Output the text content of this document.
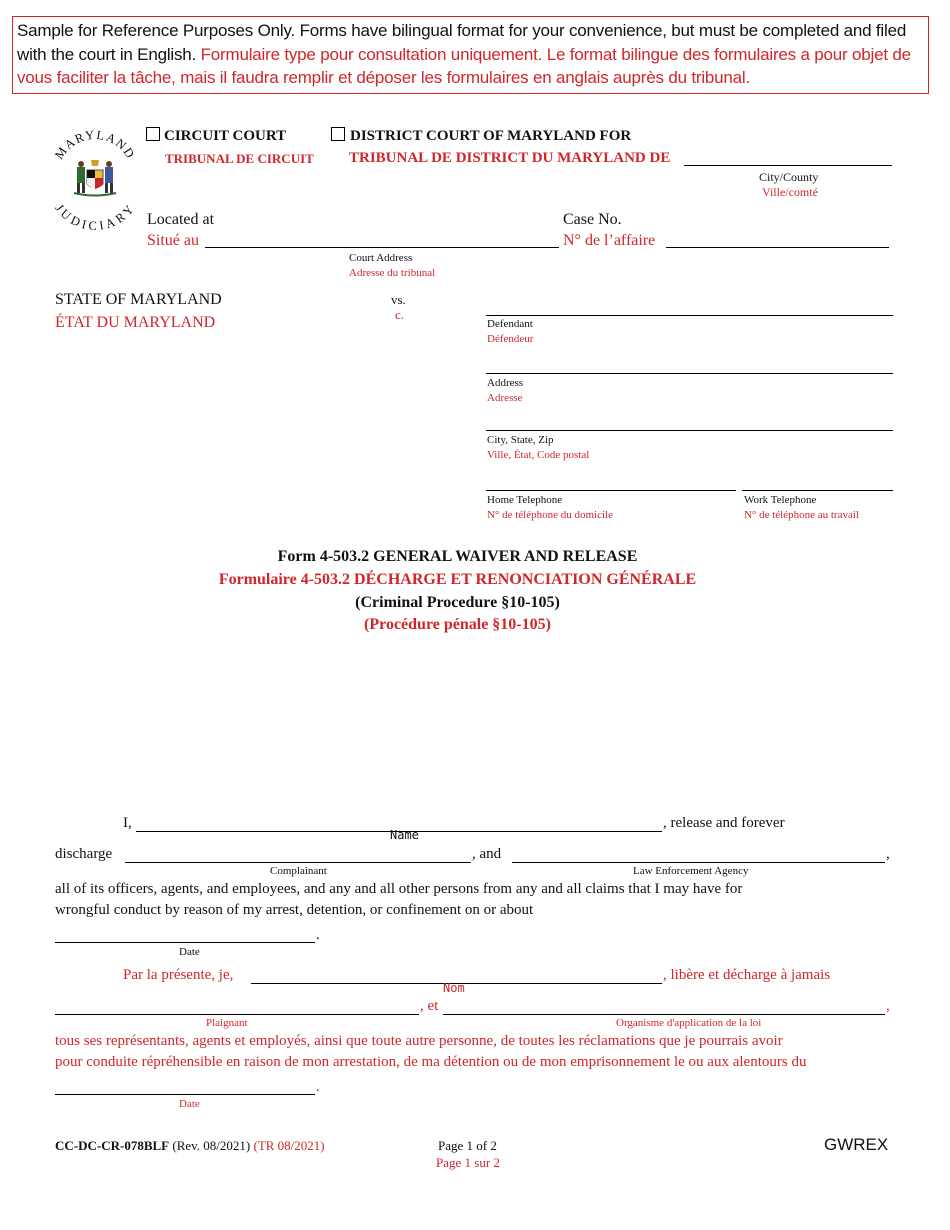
Sample for Reference Purposes Only. Forms have bilingual format for your convenience, but must be completed and filed with the court in English. Formulaire type pour consultation uniquement. Le format bilingue des formulaires a pour objet de vous faciliter la tâche, mais il faudra remplir et déposer les formulaires en anglais auprès du tribunal.
MARYLAND
JUDICIARY
CIRCUIT COURT
TRIBUNAL DE CIRCUIT
DISTRICT COURT OF MARYLAND FOR
TRIBUNAL DE DISTRICT DU MARYLAND DE
City/County
Ville/comté
Located at
Situé au
Court Address
Adresse du tribunal
Case No.
N° de l’affaire
STATE OF MARYLAND
ÉTAT DU MARYLAND
vs.
c.
Defendant
Défendeur
Address
Adresse
City, State, Zip
Ville, État, Code postal
Home Telephone
N° de téléphone du domicile
Work Telephone
N° de téléphone au travail
Form 4-503.2 GENERAL WAIVER AND RELEASE
Formulaire 4-503.2 DÉCHARGE ET RENONCIATION GÉNÉRALE
(Criminal Procedure §10-105)
(Procédure pénale §10-105)
I,	, release and forever
Name
discharge	, and	,
Complainant	Law Enforcement Agency
all of its officers, agents, and employees, and any and all other persons from any and all claims that I may have for
wrongful conduct by reason of my arrest, detention, or confinement on or about
.
Date
Par la présente, je,	, libère et décharge à jamais
Nom
, et	,
Plaignant	Organisme d'application de la loi
tous ses représentants, agents et employés, ainsi que toute autre personne, de toutes les réclamations que je pourrais avoir
pour conduite répréhensible en raison de mon arrestation, de ma détention ou de mon emprisonnement le ou aux alentours du
.
Date
CC-DC-CR-078BLF (Rev. 08/2021) (TR 08/2021)	Page 1 of 2
Page 1 sur 2
GWREX
